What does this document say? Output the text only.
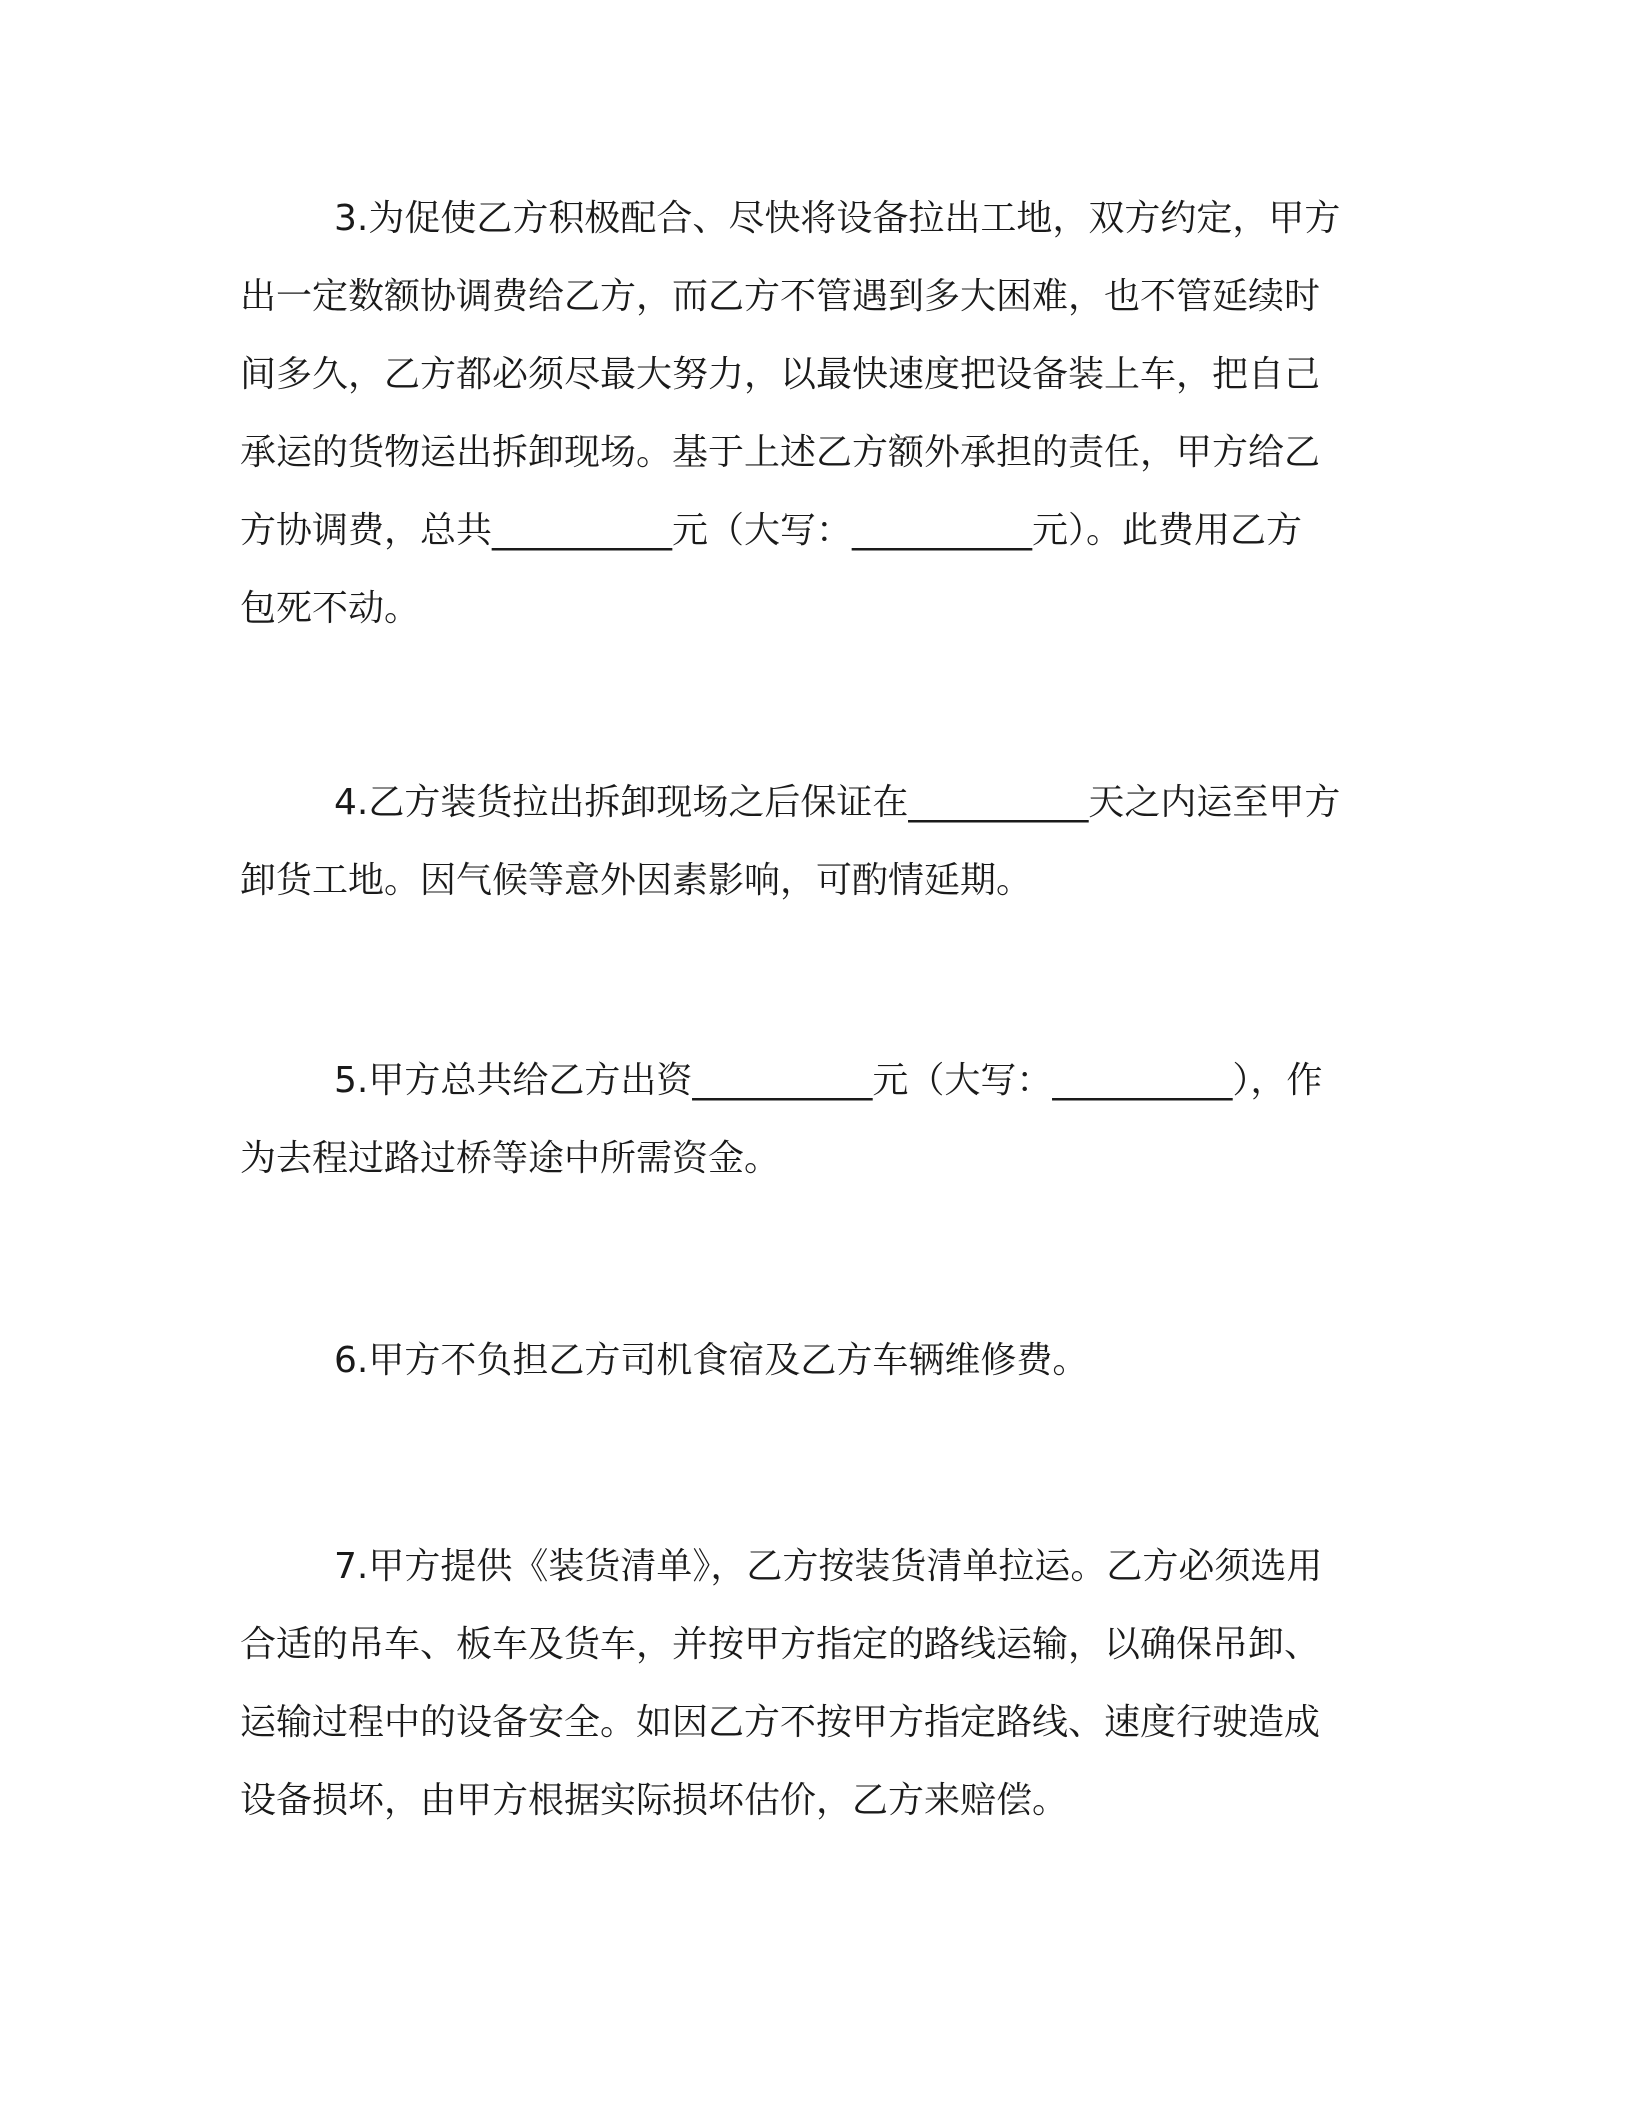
3.为促使乙方积极配合、尽快将设备拉出工地，双方约定，甲方
出一定数额协调费给乙方，而乙方不管遇到多大困难，也不管延续时
间多久，乙方都必须尽最大努力，以最快速度把设备装上车，把自己
承运的货物运出拆卸现场。基于上述乙方额外承担的责任，甲方给乙
方协调费，总共__________元（大写：__________元）。此费用乙方
包死不动。

4.乙方装货拉出拆卸现场之后保证在__________天之内运至甲方
卸货工地。因气候等意外因素影响，可酌情延期。

5.甲方总共给乙方出资__________元（大写：__________），作
为去程过路过桥等途中所需资金。

6.甲方不负担乙方司机食宿及乙方车辆维修费。

7.甲方提供《装货清单》，乙方按装货清单拉运。乙方必须选用
合适的吊车、板车及货车，并按甲方指定的路线运输，以确保吊卸、
运输过程中的设备安全。如因乙方不按甲方指定路线、速度行驶造成
设备损坏，由甲方根据实际损坏估价，乙方来赔偿。
